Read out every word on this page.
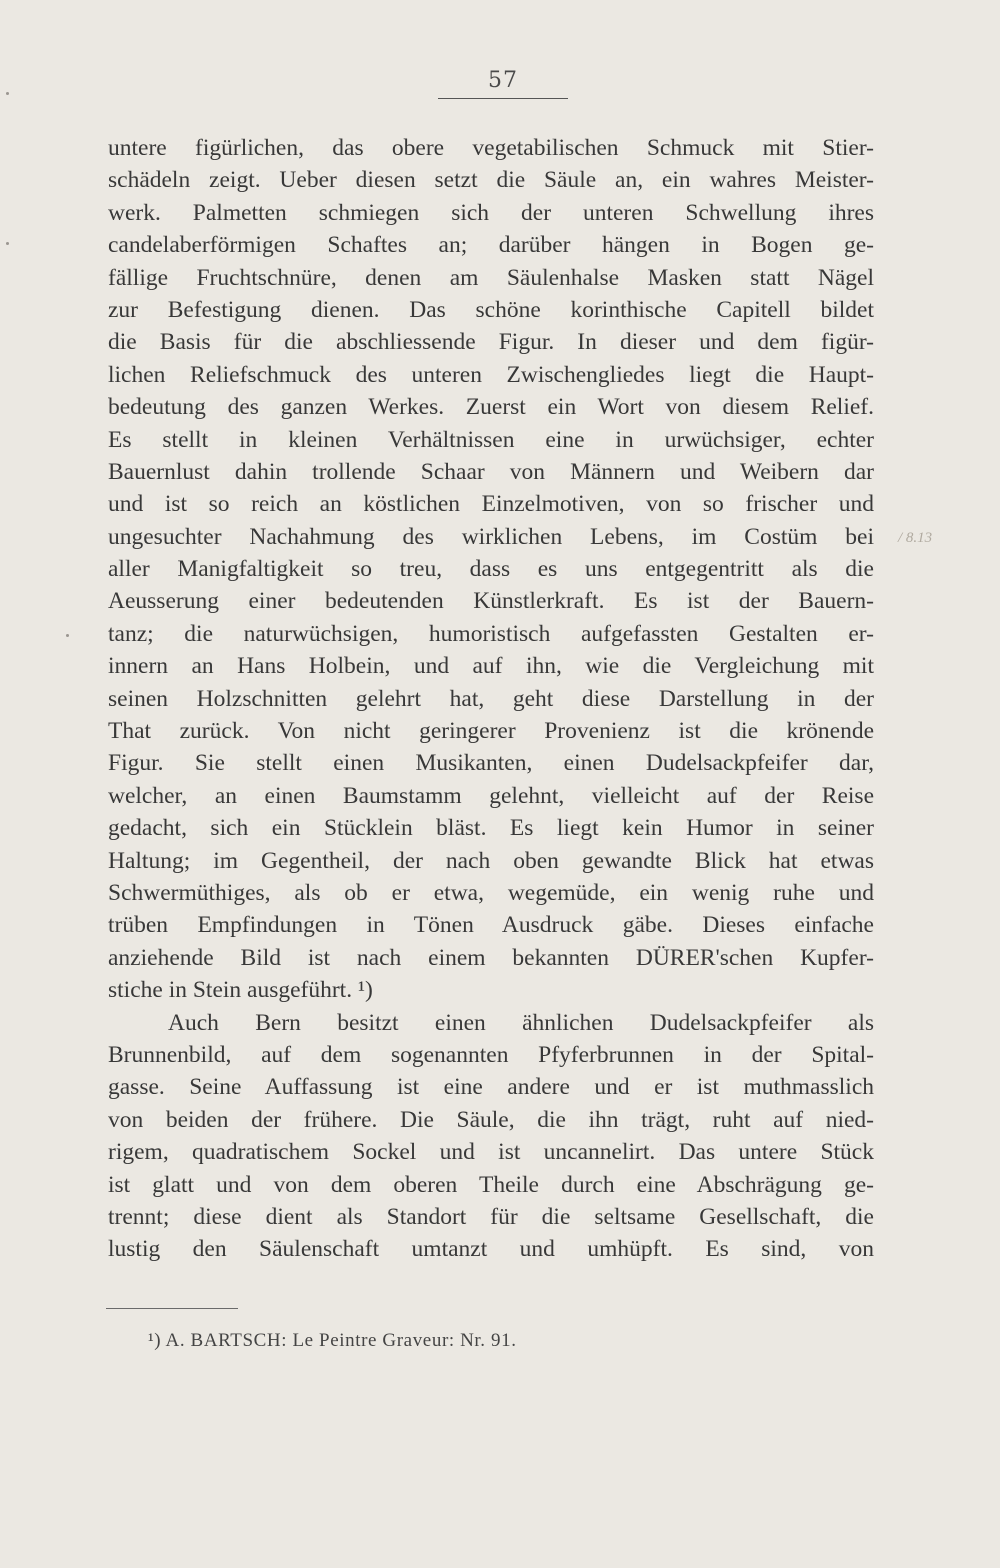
57
untere figürlichen, das obere vegetabilischen Schmuck mit Stier-
schädeln zeigt. Ueber diesen setzt die Säule an, ein wahres Meister-
werk. Palmetten schmiegen sich der unteren Schwellung ihres
candelaberförmigen Schaftes an; darüber hängen in Bogen ge-
fällige Fruchtschnüre, denen am Säulenhalse Masken statt Nägel
zur Befestigung dienen. Das schöne korinthische Capitell bildet
die Basis für die abschliessende Figur. In dieser und dem figür-
lichen Reliefschmuck des unteren Zwischengliedes liegt die Haupt-
bedeutung des ganzen Werkes. Zuerst ein Wort von diesem Relief.
Es stellt in kleinen Verhältnissen eine in urwüchsiger, echter
Bauernlust dahin trollende Schaar von Männern und Weibern dar
und ist so reich an köstlichen Einzelmotiven, von so frischer und
ungesuchter Nachahmung des wirklichen Lebens, im Costüm bei
aller Manigfaltigkeit so treu, dass es uns entgegentritt als die
Aeusserung einer bedeutenden Künstlerkraft. Es ist der Bauern-
tanz; die naturwüchsigen, humoristisch aufgefassten Gestalten er-
innern an Hans Holbein, und auf ihn, wie die Vergleichung mit
seinen Holzschnitten gelehrt hat, geht diese Darstellung in der
That zurück. Von nicht geringerer Provenienz ist die krönende
Figur. Sie stellt einen Musikanten, einen Dudelsackpfeifer dar,
welcher, an einen Baumstamm gelehnt, vielleicht auf der Reise
gedacht, sich ein Stücklein bläst. Es liegt kein Humor in seiner
Haltung; im Gegentheil, der nach oben gewandte Blick hat etwas
Schwermüthiges, als ob er etwa, wegemüde, ein wenig ruhe und
trüben Empfindungen in Tönen Ausdruck gäbe. Dieses einfache
anziehende Bild ist nach einem bekannten DÜRER'schen Kupfer-
stiche in Stein ausgeführt. ¹)
Auch Bern besitzt einen ähnlichen Dudelsackpfeifer als
Brunnenbild, auf dem sogenannten Pfyferbrunnen in der Spital-
gasse. Seine Auffassung ist eine andere und er ist muthmasslich
von beiden der frühere. Die Säule, die ihn trägt, ruht auf nied-
rigem, quadratischem Sockel und ist uncannelirt. Das untere Stück
ist glatt und von dem oberen Theile durch eine Abschrägung ge-
trennt; diese dient als Standort für die seltsame Gesellschaft, die
lustig den Säulenschaft umtanzt und umhüpft. Es sind, von
/ 8.13
¹) A. BARTSCH: Le Peintre Graveur: Nr. 91.
